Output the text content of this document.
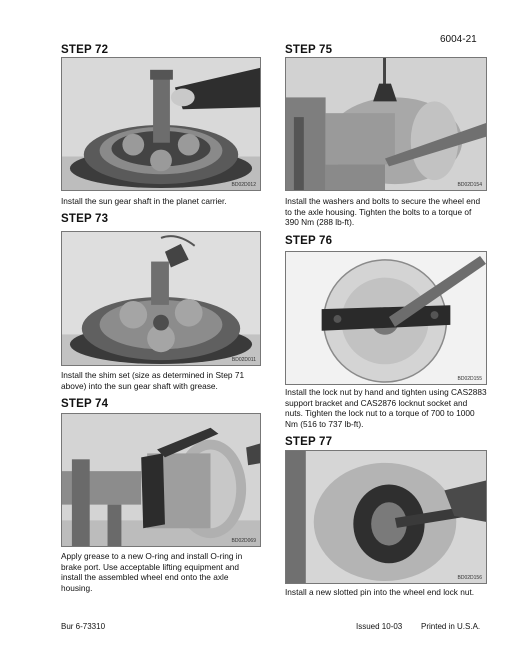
6004-21
STEP 72
BD02D012
Install the sun gear shaft in the planet carrier.
STEP 73
BD02D011
Install the shim set (size as determined in Step 71 above) into the sun gear shaft with grease.
STEP 74
BD02D069
Apply grease to a new O-ring and install O-ring in brake port. Use acceptable lifting equipment and install the assembled wheel end onto the axle housing.
STEP 75
BD02D154
Install the washers and bolts to secure the wheel end to the axle housing. Tighten the bolts to a torque of 390 Nm (288 lb-ft).
STEP 76
BD02D155
Install the lock nut by hand and tighten using CAS2883 support bracket and CAS2876 locknut socket and nuts. Tighten the lock nut to a torque of 700 to 1000 Nm (516 to 737 lb-ft).
STEP 77
BD02D156
Install a new slotted pin into the wheel end lock nut.
Bur 6-73310	Issued 10-03 Printed in U.S.A.
